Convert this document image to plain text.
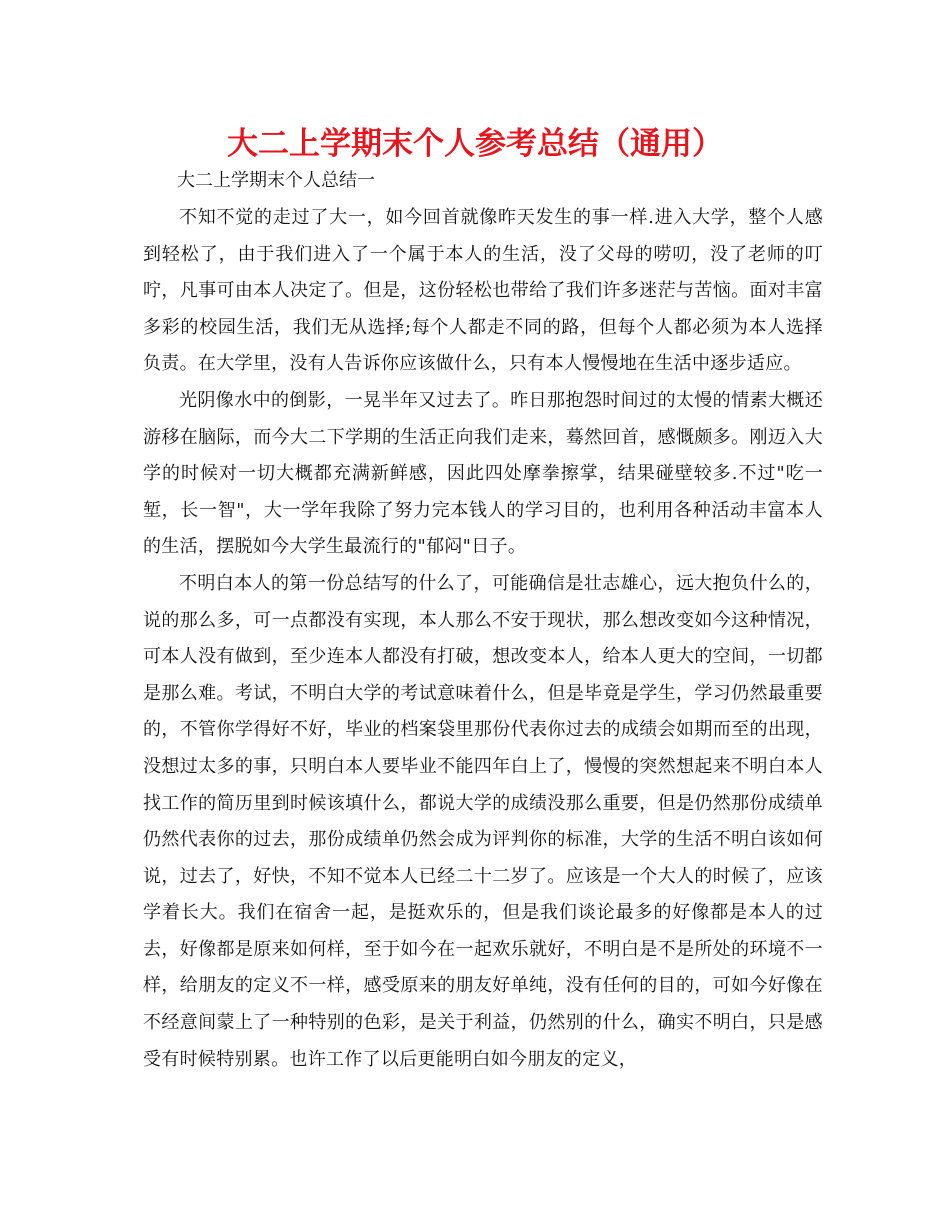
大二上学期末个人参考总结（通用）

大二上学期末个人总结一

不知不觉的走过了大一，如今回首就像昨天发生的事一样.进入大学，整个人感到轻松了，由于我们进入了一个属于本人的生活，没了父母的唠叨，没了老师的叮咛，凡事可由本人决定了。但是，这份轻松也带给了我们许多迷茫与苦恼。面对丰富多彩的校园生活，我们无从选择;每个人都走不同的路，但每个人都必须为本人选择负责。在大学里，没有人告诉你应该做什么，只有本人慢慢地在生活中逐步适应。

光阴像水中的倒影，一晃半年又过去了。昨日那抱怨时间过的太慢的情素大概还游移在脑际，而今大二下学期的生活正向我们走来，蓦然回首，感慨颇多。刚迈入大学的时候对一切大概都充满新鲜感，因此四处摩拳擦掌，结果碰壁较多.不过"吃一堑，长一智"，大一学年我除了努力完本钱人的学习目的，也利用各种活动丰富本人的生活，摆脱如今大学生最流行的"郁闷"日子。

不明白本人的第一份总结写的什么了，可能确信是壮志雄心，远大抱负什么的，说的那么多，可一点都没有实现，本人那么不安于现状，那么想改变如今这种情况，可本人没有做到，至少连本人都没有打破，想改变本人，给本人更大的空间，一切都是那么难。考试，不明白大学的考试意味着什么，但是毕竟是学生，学习仍然最重要的，不管你学得好不好，毕业的档案袋里那份代表你过去的成绩会如期而至的出现，没想过太多的事，只明白本人要毕业不能四年白上了，慢慢的突然想起来不明白本人找工作的简历里到时候该填什么，都说大学的成绩没那么重要，但是仍然那份成绩单仍然代表你的过去，那份成绩单仍然会成为评判你的标准，大学的生活不明白该如何说，过去了，好快，不知不觉本人已经二十二岁了。应该是一个大人的时候了，应该学着长大。我们在宿舍一起，是挺欢乐的，但是我们谈论最多的好像都是本人的过去，好像都是原来如何样，至于如今在一起欢乐就好，不明白是不是所处的环境不一样，给朋友的定义不一样，感受原来的朋友好单纯，没有任何的目的，可如今好像在不经意间蒙上了一种特别的色彩，是关于利益，仍然别的什么，确实不明白，只是感受有时候特别累。也许工作了以后更能明白如今朋友的定义，
